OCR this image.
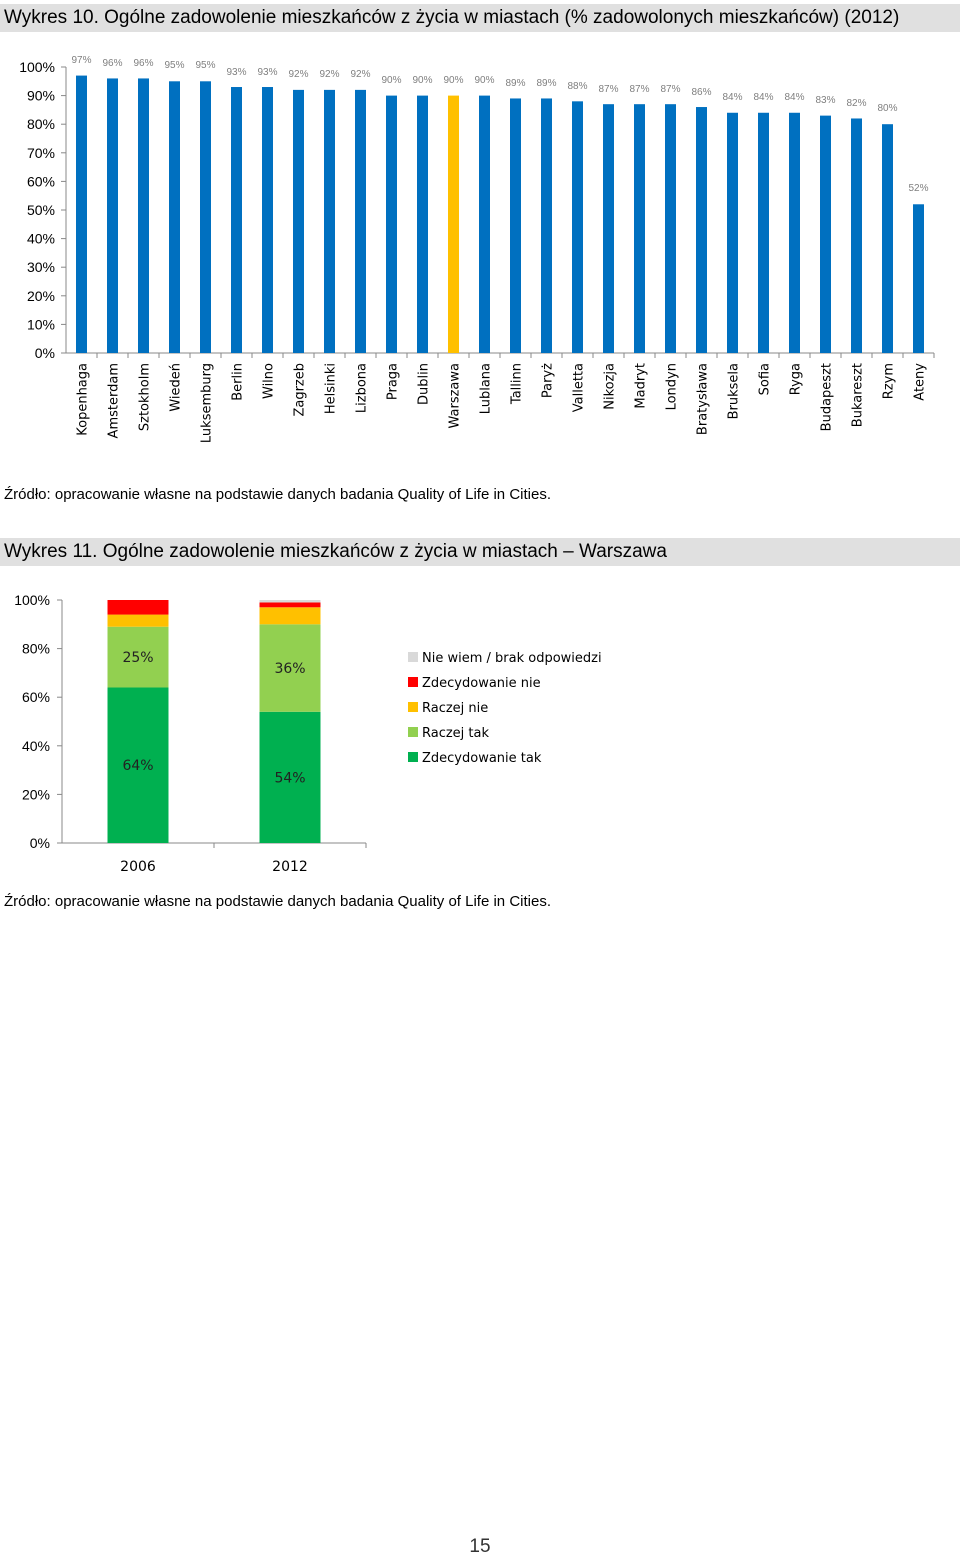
Wykres 10. Ogólne zadowolenie mieszkańców z życia w miastach (% zadowolonych mieszkańców) (2012)
0%
10%
20%
30%
40%
50%
60%
70%
80%
90%
100%
Kopenhaga Amsterdam Sztokholm Wiedeń Luksemburg Berlin Wilno Zagrzeb Helsinki Lizbona Praga Dublin Warszawa Lublana Tallinn Paryż Valletta Nikozja Madryt Londyn Bratysława Bruksela Sofia Ryga Budapeszt Bukareszt Rzym Ateny
97% 96% 96% 95% 95%
93% 93% 92% 92% 92%
90% 90% 90% 90% 89% 89% 88% 87% 87% 87% 86% 84% 84% 84% 83% 82% 80%
52%
Źródło: opracowanie własne na podstawie danych badania Quality of Life in Cities.
Wykres 11. Ogólne zadowolenie mieszkańców z życia w miastach – Warszawa
0%
20%
40%
60%
80%
100%
64%
25%
2006
54%
36%
2012
Nie wiem / brak odpowiedzi
Zdecydowanie nie
Raczej nie
Raczej tak
Zdecydowanie tak
Źródło: opracowanie własne na podstawie danych badania Quality of Life in Cities.
15
